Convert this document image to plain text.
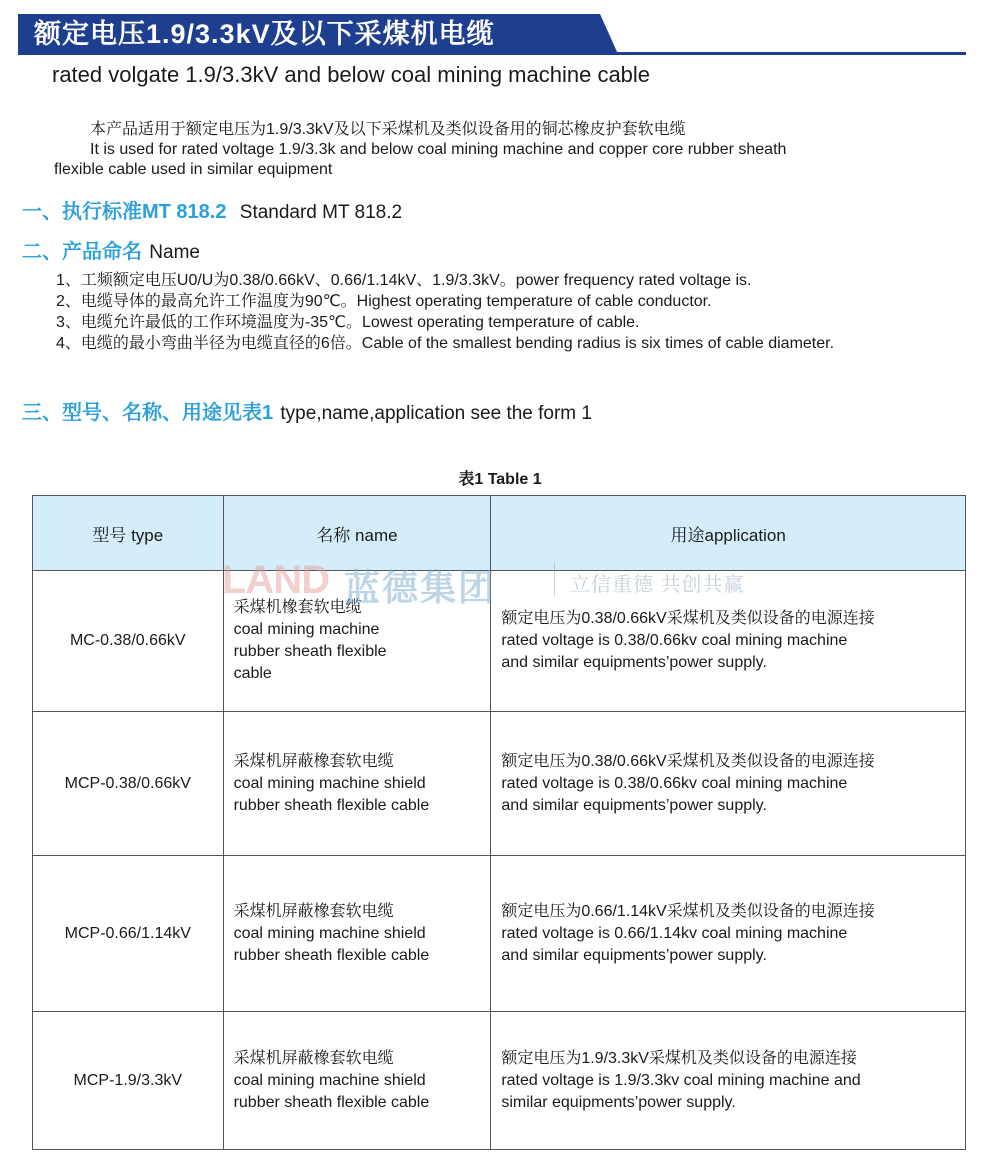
额定电压1.9/3.3kV及以下采煤机电缆
rated volgate 1.9/3.3kV and below coal mining machine cable
本产品适用于额定电压为1.9/3.3kV及以下采煤机及类似设备用的铜芯橡皮护套软电缆
It is used for rated voltage 1.9/3.3k and below coal mining machine and copper core rubber sheath
flexible cable used in similar equipment
一、执行标准MT 818.2 Standard MT 818.2
二、产品命名 Name
1、工频额定电压U0/U为0.38/0.66kV、0.66/1.14kV、1.9/3.3kV。power frequency rated voltage is.
2、电缆导体的最高允许工作温度为90℃。Highest operating temperature of cable conductor.
3、电缆允许最低的工作环境温度为-35℃。Lowest operating temperature of cable.
4、电缆的最小弯曲半径为电缆直径的6倍。Cable of the smallest bending radius is six times of cable diameter.
三、型号、名称、用途见表1 type,name,application see the form 1
表1 Table 1
型号 type	名称 name	用途application
MC-0.38/0.66kV	采煤机橡套软电缆
coal mining machine
rubber sheath flexible
cable	额定电压为0.38/0.66kV采煤机及类似设备的电源连接
rated voltage is 0.38/0.66kv coal mining machine
and similar equipments’power supply.

MCP-0.38/0.66kV	采煤机屏蔽橡套软电缆
coal mining machine shield
rubber sheath flexible cable	额定电压为0.38/0.66kV采煤机及类似设备的电源连接
rated voltage is 0.38/0.66kv coal mining machine
and similar equipments’power supply.

MCP-0.66/1.14kV	采煤机屏蔽橡套软电缆
coal mining machine shield
rubber sheath flexible cable	额定电压为0.66/1.14kV采煤机及类似设备的电源连接
rated voltage is 0.66/1.14kv coal mining machine
and similar equipments’power supply.

MCP-1.9/3.3kV	采煤机屏蔽橡套软电缆
coal mining machine shield
rubber sheath flexible cable	额定电压为1.9/3.3kV采煤机及类似设备的电源连接
rated voltage is 1.9/3.3kv coal mining machine and
similar equipments’power supply.
LAND 蓝德集团	立信重德 共创共赢
